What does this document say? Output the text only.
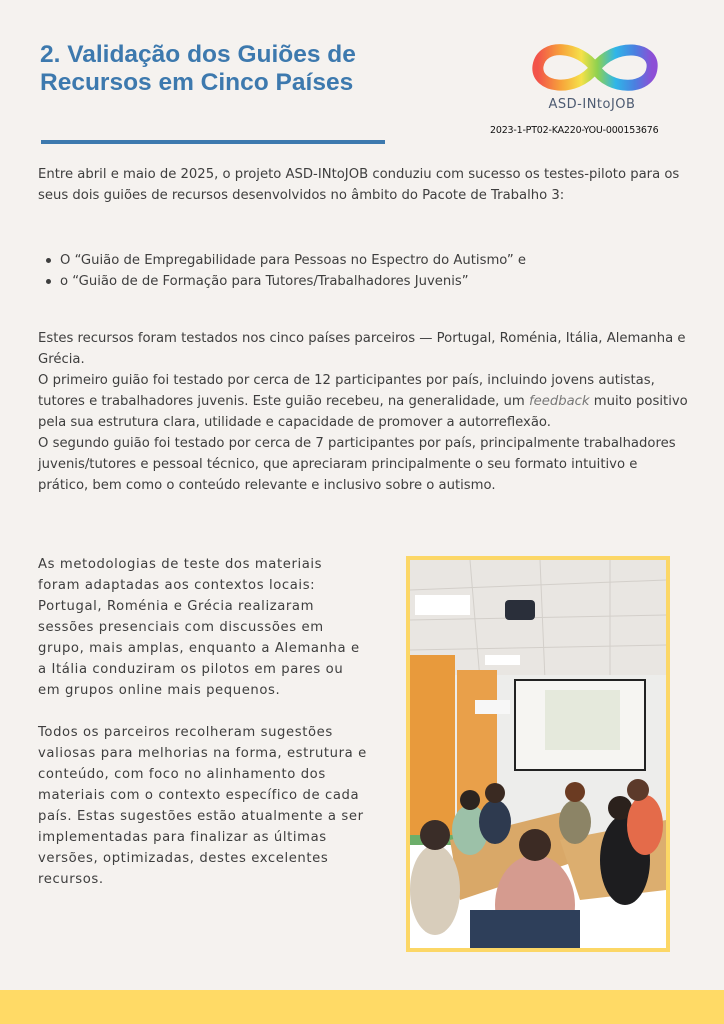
2. Validação dos Guiões de
Recursos em Cinco Países
ASD-INtoJOB
2023-1-PT02-KA220-YOU-000153676

Entre abril e maio de 2025, o projeto ASD-INtoJOB conduziu com sucesso os testes-piloto para os seus dois guiões de recursos desenvolvidos no âmbito do Pacote de Trabalho 3:

O “Guião de Empregabilidade para Pessoas no Espectro do Autismo” e
o “Guião de de Formação para Tutores/Trabalhadores Juvenis”

Estes recursos foram testados nos cinco países parceiros — Portugal, Roménia, Itália, Alemanha e Grécia.

O primeiro guião foi testado por cerca de 12 participantes por país, incluindo jovens autistas, tutores e trabalhadores juvenis. Este guião recebeu, na generalidade, um feedback muito positivo pela sua estrutura clara, utilidade e capacidade de promover a autorreflexão.

O segundo guião foi testado por cerca de 7 participantes por país, principalmente trabalhadores juvenis/tutores e pessoal técnico, que apreciaram principalmente o seu formato intuitivo e prático, bem como o conteúdo relevante e inclusivo sobre o autismo.

As metodologias de teste dos materiais foram adaptadas aos contextos locais: Portugal, Roménia e Grécia realizaram sessões presenciais com discussões em grupo, mais amplas, enquanto a Alemanha e a Itália conduziram os pilotos em pares ou em grupos online mais pequenos.

Todos os parceiros recolheram sugestões valiosas para melhorias na forma, estrutura e conteúdo, com foco no alinhamento dos materiais com o contexto específico de cada país. Estas sugestões estão atualmente a ser implementadas para finalizar as últimas versões, optimizadas, destes excelentes recursos.
